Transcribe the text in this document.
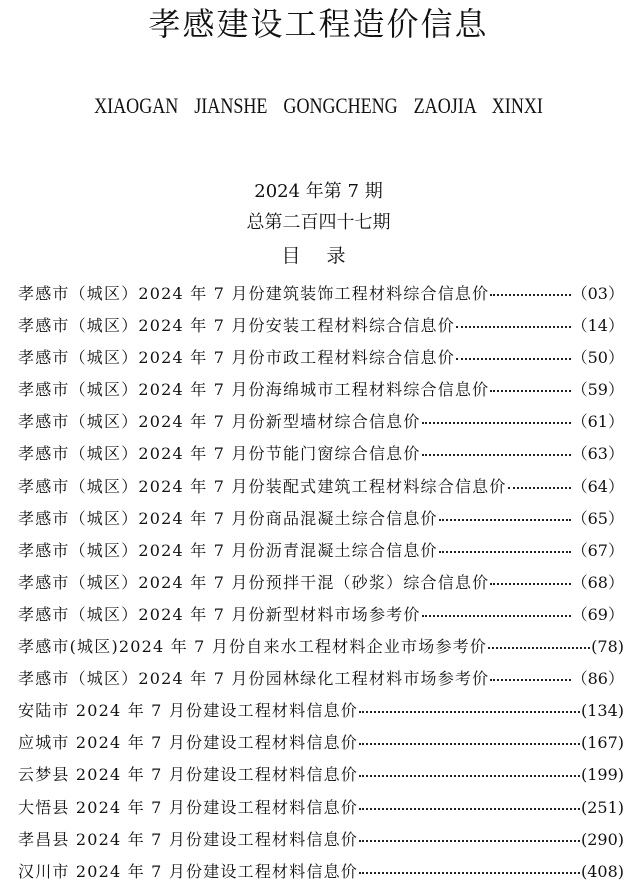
孝感建设工程造价信息
XIAOGAN JIANSHE GONGCHENG ZAOJIA XINXI
2024 年第 7 期
总第二百四十七期
目 录
孝感市（城区）2024 年 7 月份建筑装饰工程材料综合信息价	（03）
孝感市（城区）2024 年 7 月份安装工程材料综合信息价	（14）
孝感市（城区）2024 年 7 月份市政工程材料综合信息价	（50）
孝感市（城区）2024 年 7 月份海绵城市工程材料综合信息价	（59）
孝感市（城区）2024 年 7 月份新型墙材综合信息价	（61）
孝感市（城区）2024 年 7 月份节能门窗综合信息价	（63）
孝感市（城区）2024 年 7 月份装配式建筑工程材料综合信息价	（64）
孝感市（城区）2024 年 7 月份商品混凝土综合信息价	（65）
孝感市（城区）2024 年 7 月份沥青混凝土综合信息价	（67）
孝感市（城区）2024 年 7 月份预拌干混（砂浆）综合信息价	（68）
孝感市（城区）2024 年 7 月份新型材料市场参考价	（69）
孝感市(城区)2024 年 7 月份自来水工程材料企业市场参考价	(78)
孝感市（城区）2024 年 7 月份园林绿化工程材料市场参考价	（86）
安陆市 2024 年 7 月份建设工程材料信息价	(134)
应城市 2024 年 7 月份建设工程材料信息价	(167)
云梦县 2024 年 7 月份建设工程材料信息价	(199)
大悟县 2024 年 7 月份建设工程材料信息价	(251)
孝昌县 2024 年 7 月份建设工程材料信息价	(290)
汉川市 2024 年 7 月份建设工程材料信息价	(408)
